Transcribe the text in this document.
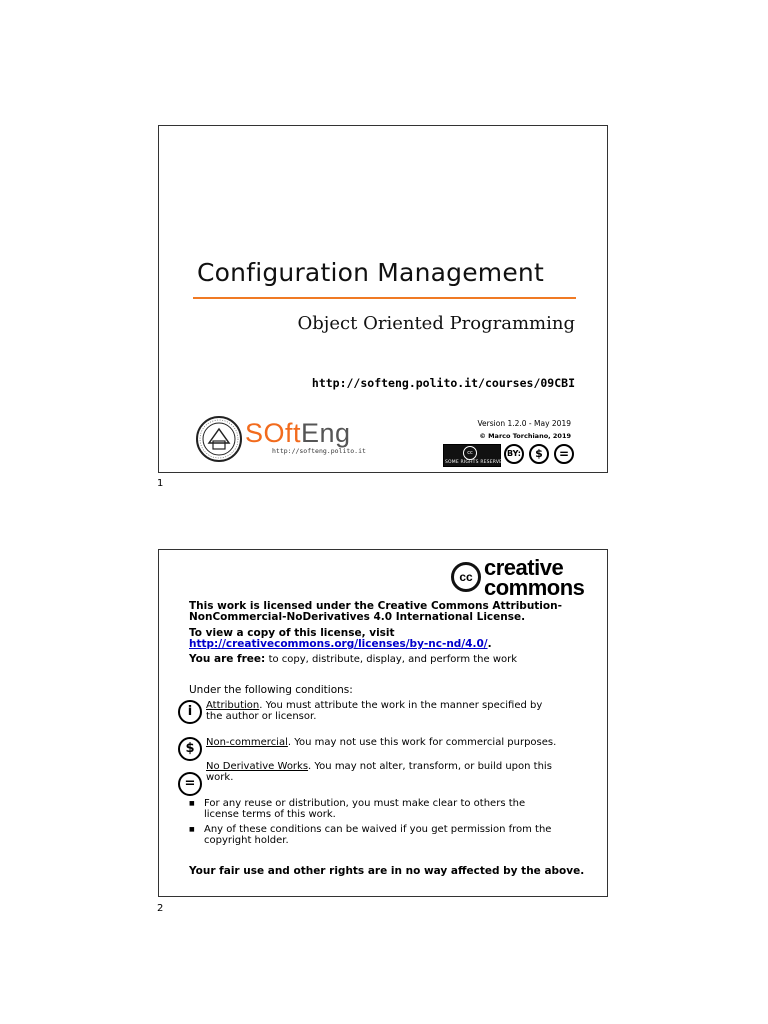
Configuration Management
Object Oriented Programming
http://softeng.polito.it/courses/09CBI
SOftEng
http://softeng.polito.it
Version 1.2.0 - May 2019
© Marco Torchiano, 2019
cc
SOME RIGHTS RESERVED
BY:	$	=
1
cc creative
commons
This work is licensed under the Creative Commons Attribution-
NonCommercial-NoDerivatives 4.0 International License.
To view a copy of this license, visit
http://creativecommons.org/licenses/by-nc-nd/4.0/.
You are free: to copy, distribute, display, and perform the work
Under the following conditions:
i	Attribution. You must attribute the work in the manner specified by
the author or licensor.
$	Non-commercial. You may not use this work for commercial purposes.
=
No Derivative Works. You may not alter, transform, or build upon this
work.
■ For any reuse or distribution, you must make clear to others the
license terms of this work.
■ Any of these conditions can be waived if you get permission from the
copyright holder.
Your fair use and other rights are in no way affected by the above.
2
